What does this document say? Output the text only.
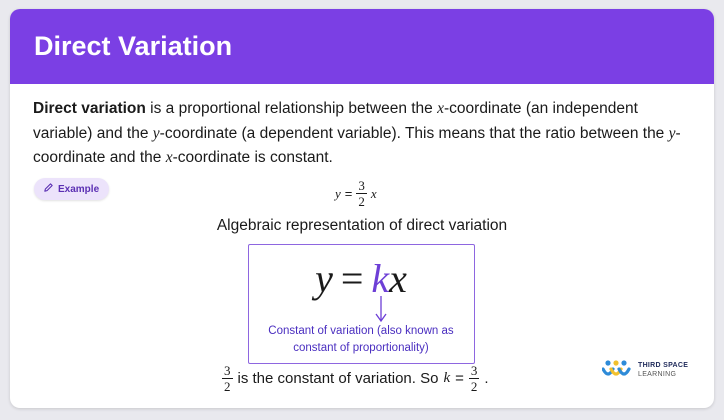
Direct Variation

Direct variation is a proportional relationship between the x-coordinate (an independent variable) and the y-coordinate (a dependent variable). This means that the ratio between the y-coordinate and the x-coordinate is constant.

Example	$y = \frac{3}{2}$ x
Algebraic representation of direct variation
y = kx
Constant of variation (also known as
constant of proportionality)
$\frac{3}{2}$ is the constant of variation. So $k = \frac{3}{2}$ .
THIRD SPACE
LEARNING
